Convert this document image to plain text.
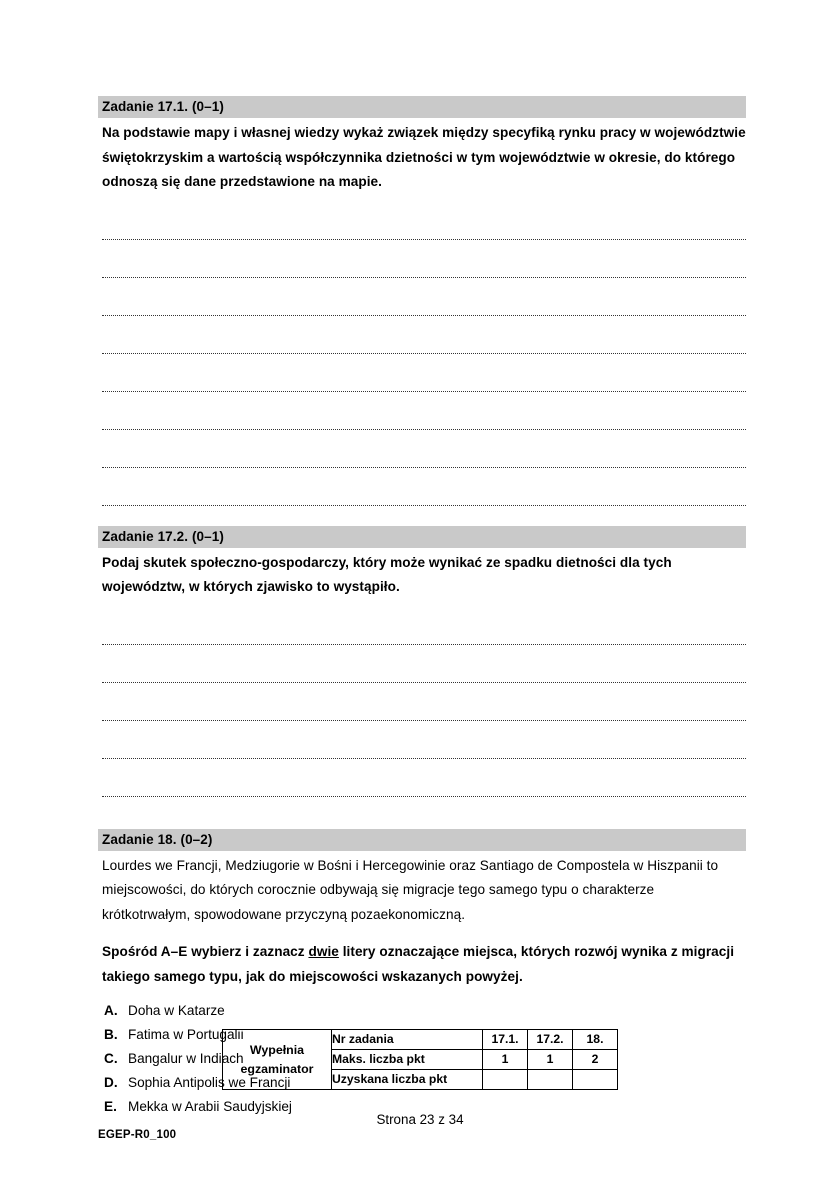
Zadanie 17.1. (0–1)
Na podstawie mapy i własnej wiedzy wykaż związek między specyfiką rynku pracy w województwie świętokrzyskim a wartością współczynnika dzietności w tym województwie w okresie, do którego odnoszą się dane przedstawione na mapie.
Zadanie 17.2. (0–1)
Podaj skutek społeczno-gospodarczy, który może wynikać ze spadku dietności dla tych województw, w których zjawisko to wystąpiło.
Zadanie 18. (0–2)
Lourdes we Francji, Medziugorie w Bośni i Hercegowinie oraz Santiago de Compostela w Hiszpanii to miejscowości, do których corocznie odbywają się migracje tego samego typu o charakterze krótkotrwałym, spowodowane przyczyną pozaekonomiczną.
Spośród A–E wybierz i zaznacz dwie litery oznaczające miejsca, których rozwój wynika z migracji takiego samego typu, jak do miejscowości wskazanych powyżej.
A. Doha w Katarze
B. Fatima w Portugalii
C. Bangalur w Indiach
D. Sophia Antipolis we Francji
E. Mekka w Arabii Saudyjskiej
Wypełnia
egzaminator	Nr zadania	17.1.	17.2.	18.
	Maks. liczba pkt	1	1	2
	Uzyskana liczba pkt			
Strona 23 z 34
EGEP-R0_100
